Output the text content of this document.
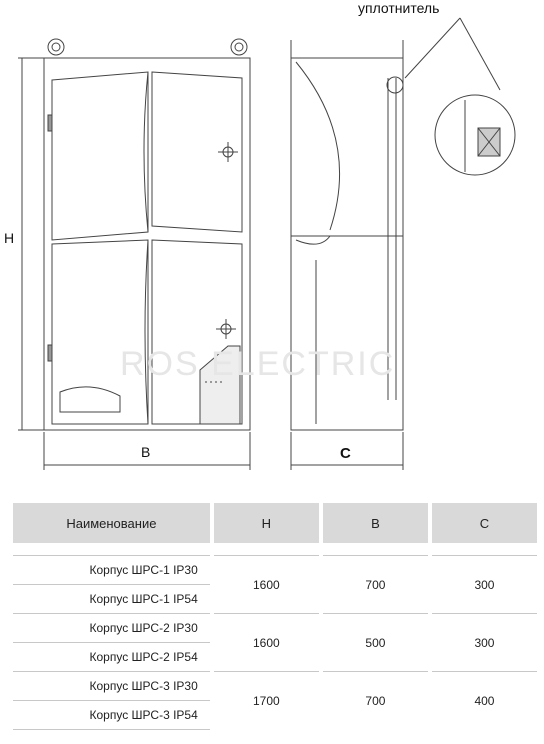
ROS ELECTRIC
уплотнитель
H
B	C
Наименование	H	B	C

Корпус ШРС-1 IP30	1600	700	300
Корпус ШРС-1 IP54			
Корпус ШРС-2 IP30	1600	500	300
Корпус ШРС-2 IP54			
Корпус ШРС-3 IP30	1700	700	400
Корпус ШРС-3 IP54			
